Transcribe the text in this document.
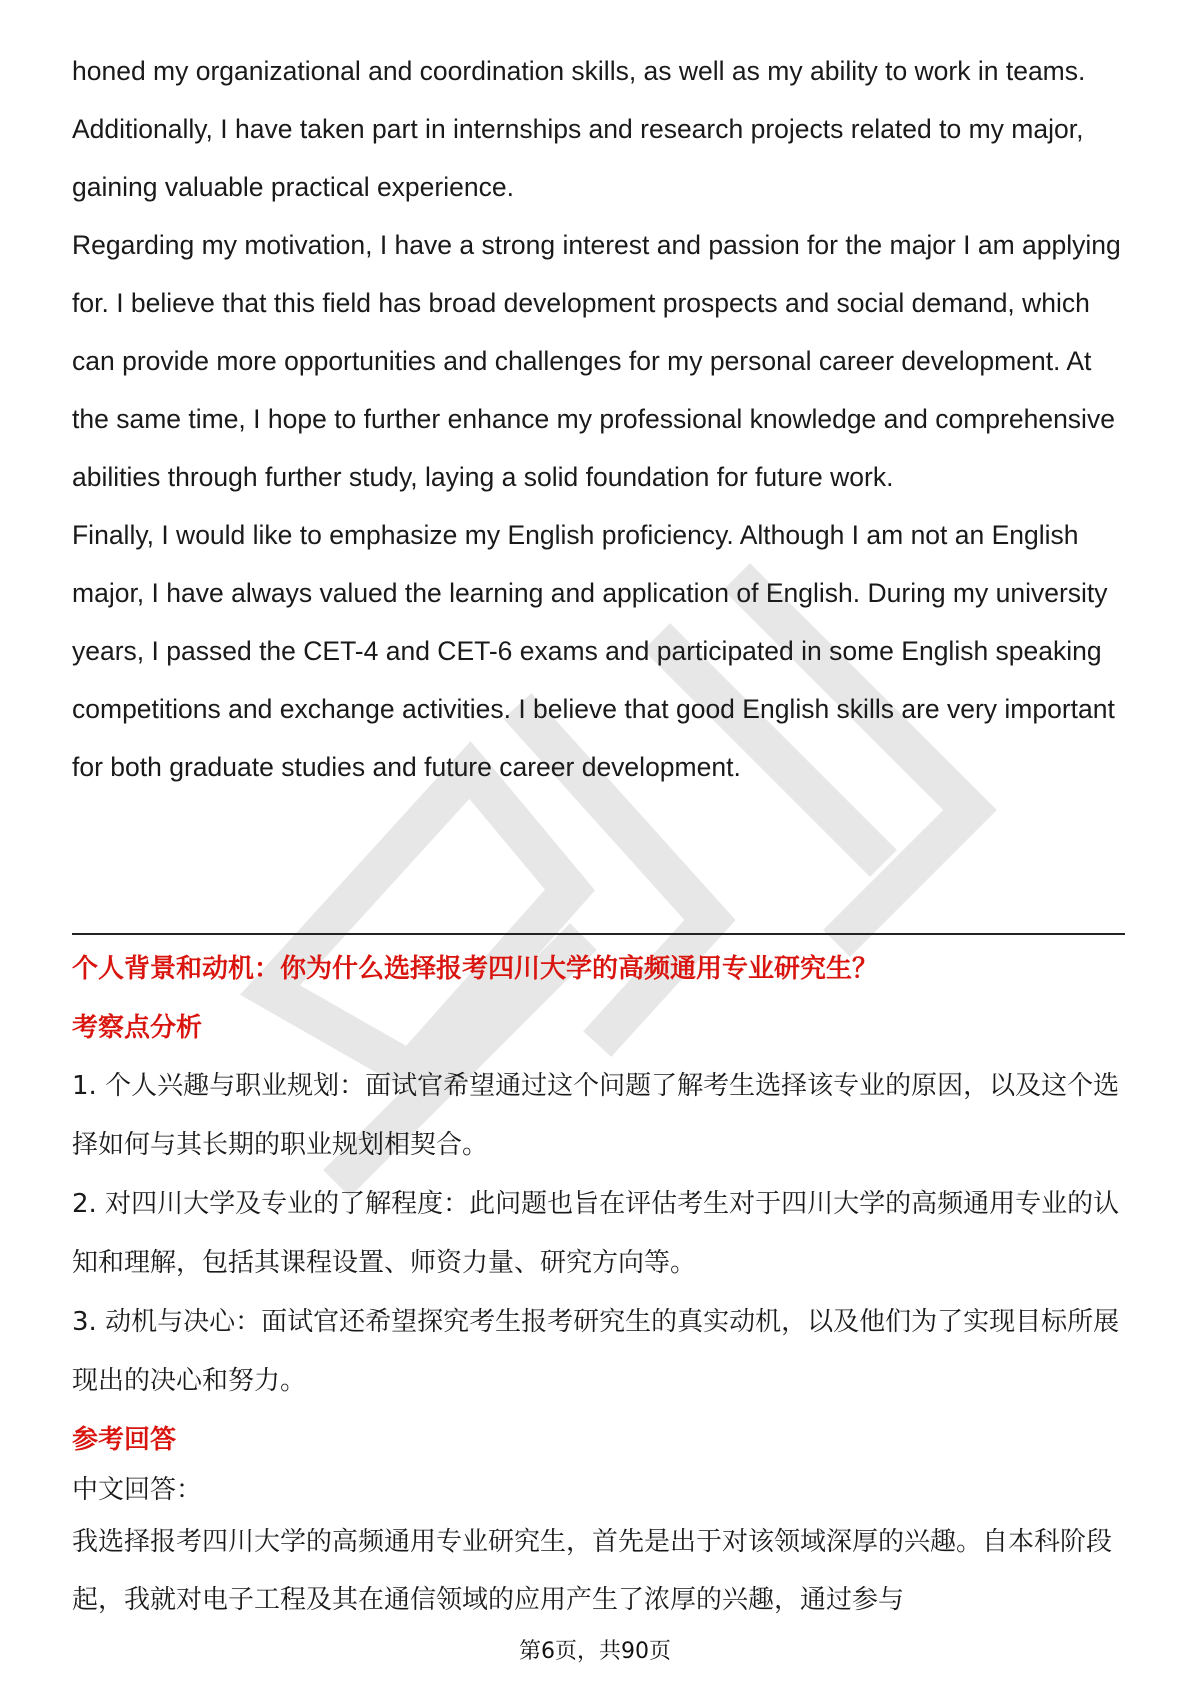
honed my organizational and coordination skills, as well as my ability to work in teams. Additionally, I have taken part in internships and research projects related to my major, gaining valuable practical experience.

Regarding my motivation, I have a strong interest and passion for the major I am applying for. I believe that this field has broad development prospects and social demand, which can provide more opportunities and challenges for my personal career development. At the same time, I hope to further enhance my professional knowledge and comprehensive abilities through further study, laying a solid foundation for future work.

Finally, I would like to emphasize my English proficiency. Although I am not an English major, I have always valued the learning and application of English. During my university years, I passed the CET-4 and CET-6 exams and participated in some English speaking competitions and exchange activities. I believe that good English skills are very important for both graduate studies and future career development.

个人背景和动机：你为什么选择报考四川大学的高频通用专业研究生？

考察点分析

1. 个人兴趣与职业规划：面试官希望通过这个问题了解考生选择该专业的原因，以及这个选择如何与其长期的职业规划相契合。

2. 对四川大学及专业的了解程度：此问题也旨在评估考生对于四川大学的高频通用专业的认知和理解，包括其课程设置、师资力量、研究方向等。

3. 动机与决心：面试官还希望探究考生报考研究生的真实动机，以及他们为了实现目标所展现出的决心和努力。

参考回答

中文回答：

我选择报考四川大学的高频通用专业研究生，首先是出于对该领域深厚的兴趣。自本科阶段起，我就对电子工程及其在通信领域的应用产生了浓厚的兴趣，通过参与

第6页，共90页
